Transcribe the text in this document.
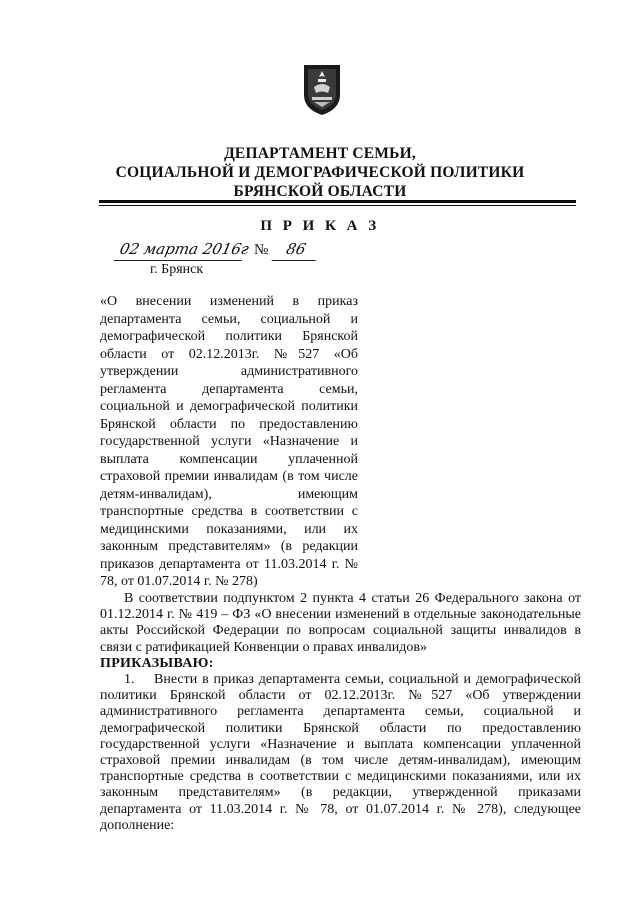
ДЕПАРТАМЕНТ СЕМЬИ,
СОЦИАЛЬНОЙ И ДЕМОГРАФИЧЕСКОЙ ПОЛИТИКИ
БРЯНСКОЙ ОБЛАСТИ
П Р И К А З
02 марта 2016г № 86
г. Брянск

«О внесении изменений в приказ департамента семьи, социальной и демографической политики Брянской области от 02.12.2013г. №527 «Об утверждении административного регламента департамента семьи, социальной и демографической политики Брянской области по предоставлению государственной услуги «Назначение и выплата компенсации уплаченной страховой премии инвалидам (в том числе детям-инвалидам), имеющим транспортные средства в соответствии с медицинскими показаниями, или их законным представителям» (в редакции приказов департамента от 11.03.2014 г. № 78, от 01.07.2014 г. № 278)

В соответствии подпунктом 2 пункта 4 статьи 26 Федерального закона от 01.12.2014 г. № 419 – ФЗ «О внесении изменений в отдельные законодательные акты Российской Федерации по вопросам социальной защиты инвалидов в связи с ратификацией Конвенции о правах инвалидов»

ПРИКАЗЫВАЮ:

1.    Внести в приказ департамента семьи, социальной и демографической политики Брянской области от 02.12.2013г. №527 «Об утверждении административного регламента департамента семьи, социальной и демографической политики Брянской области по предоставлению государственной услуги «Назначение и выплата компенсации уплаченной страховой премии инвалидам (в том числе детям-инвалидам), имеющим транспортные средства в соответствии с медицинскими показаниями, или их законным представителям» (в редакции, утвержденной приказами департамента от 11.03.2014 г. № 78, от 01.07.2014 г. № 278), следующее дополнение:
